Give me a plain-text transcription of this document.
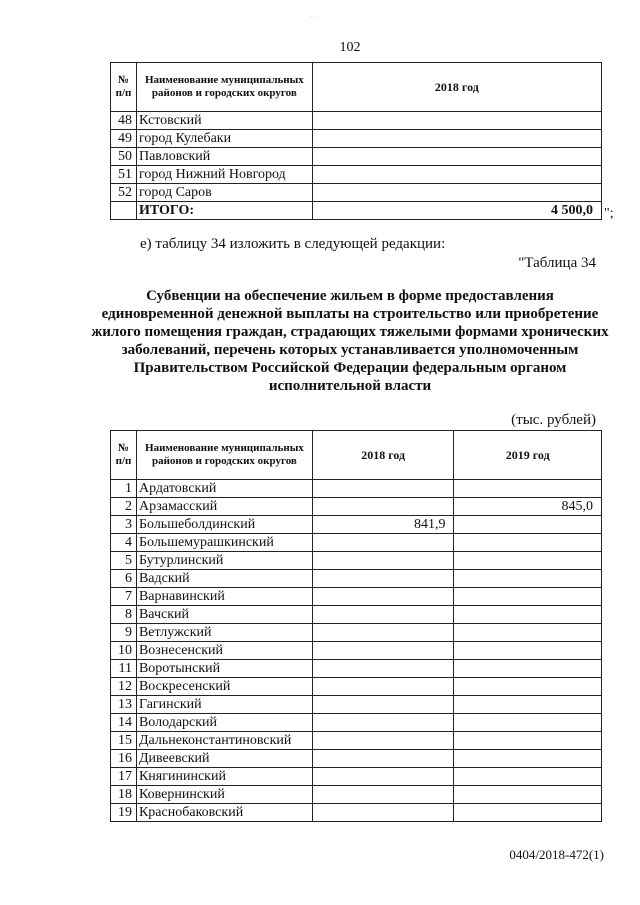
· ·
102
№ п/п	Наименование муниципальных районов и городских округов	2018 год
48	Кстовский	
49	город Кулебаки	
50	Павловский	
51	город Нижний Новгород	
52	город Саров	
	ИТОГО:	4 500,0 ";
е) таблицу 34 изложить в следующей редакции:
"Таблица 34
Субвенции на обеспечение жильем в форме предоставления единовременной денежной выплаты на строительство или приобретение жилого помещения граждан, страдающих тяжелыми формами хронических заболеваний, перечень которых устанавливается уполномоченным Правительством Российской Федерации федеральным органом исполнительной власти
(тыс. рублей)
№ п/п	Наименование муниципальных районов и городских округов	2018 год	2019 год
1	Ардатовский		
2	Арзамасский		845,0
3	Большеболдинский	841,9	
4	Большемурашкинский		
5	Бутурлинский		
6	Вадский		
7	Варнавинский		
8	Вачский		
9	Ветлужский		
10	Вознесенский		
11	Воротынский		
12	Воскресенский		
13	Гагинский		
14	Володарский		
15	Дальнеконстантиновский		
16	Дивеевский		
17	Княгининский		
18	Ковернинский		
19	Краснобаковский		
0404/2018-472(1)
